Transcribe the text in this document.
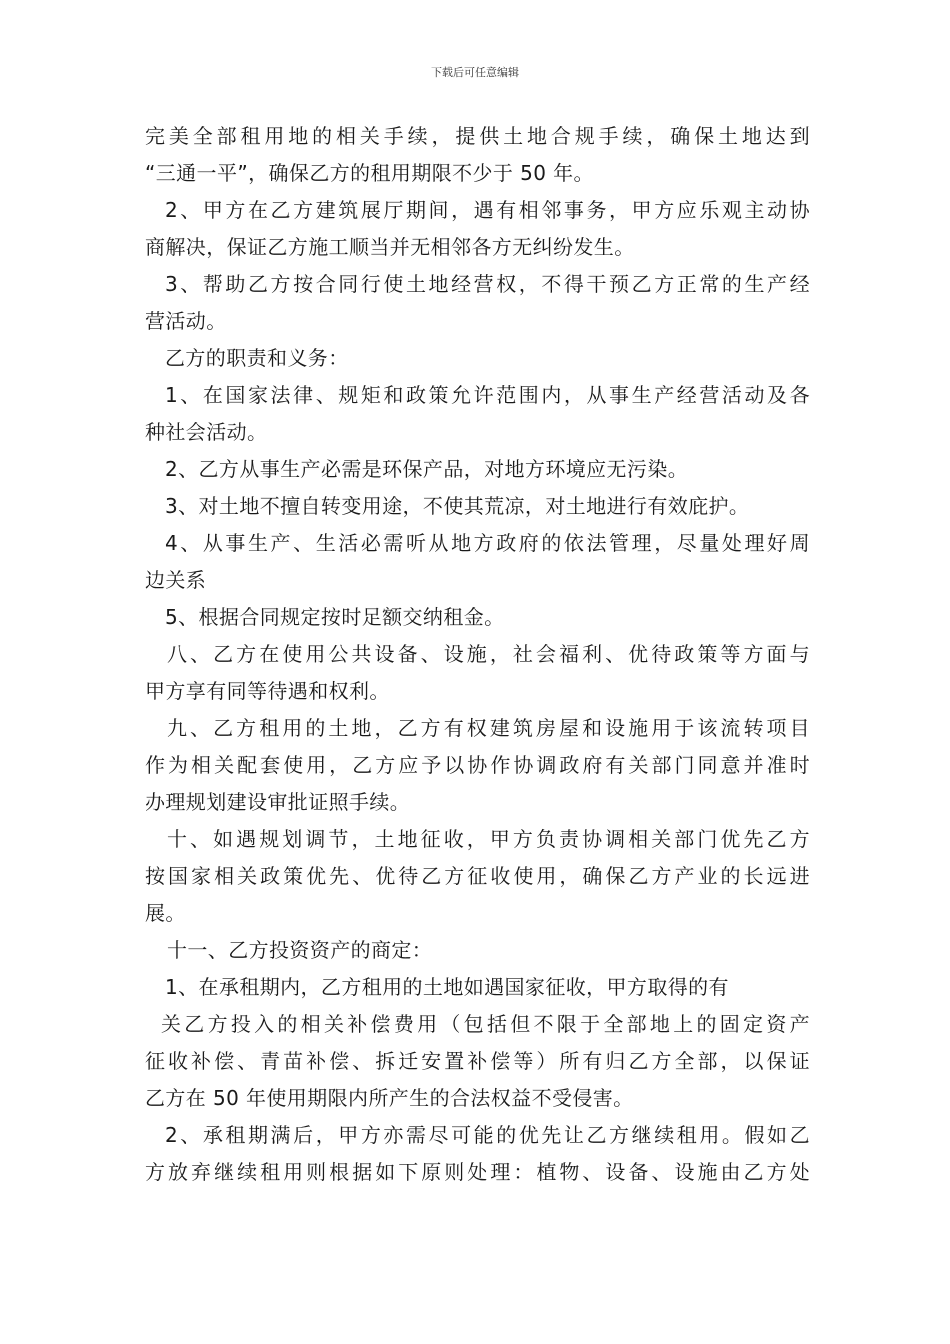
下载后可任意编辑
完美全部租用地的相关手续，提供土地合规手续，确保土地达到
“三通一平”，确保乙方的租用期限不少于 50 年。
2、甲方在乙方建筑展厅期间，遇有相邻事务，甲方应乐观主动协
商解决，保证乙方施工顺当并无相邻各方无纠纷发生。
3、帮助乙方按合同行使土地经营权，不得干预乙方正常的生产经
营活动。
乙方的职责和义务：
1、在国家法律、规矩和政策允许范围内，从事生产经营活动及各
种社会活动。
2、乙方从事生产必需是环保产品，对地方环境应无污染。
3、对土地不擅自转变用途，不使其荒凉，对土地进行有效庇护。
4、从事生产、生活必需听从地方政府的依法管理，尽量处理好周
边关系
5、根据合同规定按时足额交纳租金。
八、乙方在使用公共设备、设施，社会福利、优待政策等方面与
甲方享有同等待遇和权利。
九、乙方租用的土地，乙方有权建筑房屋和设施用于该流转项目
作为相关配套使用，乙方应予以协作协调政府有关部门同意并准时
办理规划建设审批证照手续。
十、如遇规划调节，土地征收，甲方负责协调相关部门优先乙方
按国家相关政策优先、优待乙方征收使用，确保乙方产业的长远进
展。
十一、乙方投资资产的商定：
1、在承租期内，乙方租用的土地如遇国家征收，甲方取得的有
关乙方投入的相关补偿费用（包括但不限于全部地上的固定资产
征收补偿、青苗补偿、拆迁安置补偿等）所有归乙方全部，以保证
乙方在 50 年使用期限内所产生的合法权益不受侵害。
2、承租期满后，甲方亦需尽可能的优先让乙方继续租用。假如乙
方放弃继续租用则根据如下原则处理：植物、设备、设施由乙方处
